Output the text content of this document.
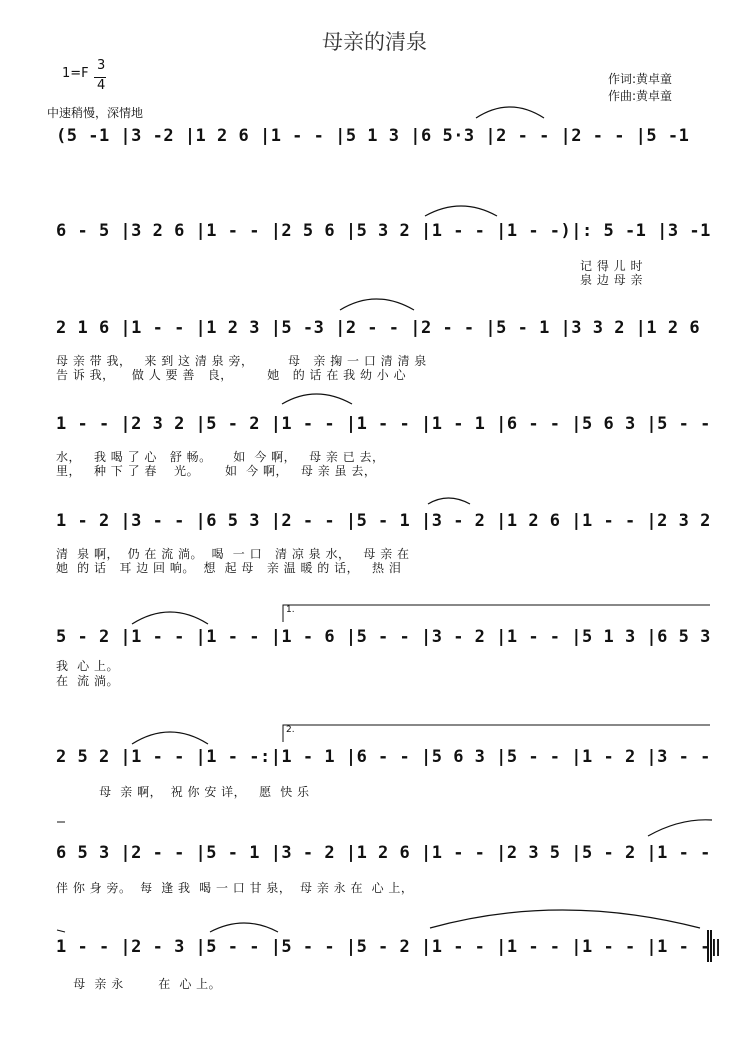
母亲的清泉
1=F
3
4
中速稍慢，深情地
作词:黄卓童
作曲:黄卓童
(5 -1 |3 -2 |1 2 6 |1 - - |5 1 3 |6 5·3 |2 - - |2 - - |5 -1
6 - 5 |3 2 6 |1 - - |2 5 6 |5 3 2 |1 - - |1 - -)|: 5 -1 |3 -1
记 得 儿 时
泉 边 母 亲
2 1 6 |1 - - |1 2 3 |5 -3 |2 - - |2 - - |5 - 1 |3 3 2 |1 2 6
母 亲 带 我，   来 到 这 清 泉 旁，        母   亲 掬 一 口 清 清 泉
告 诉 我，    做 人 要 善   良，        她   的 话 在 我 幼 小 心
1 - - |2 3 2 |5 - 2 |1 - - |1 - - |1 - 1 |6 - - |5 6 3 |5 - -
水，   我 喝 了 心   舒 畅。     如  今 啊，   母 亲 已 去，
里，   种 下 了 春    光。      如  今 啊，   母 亲 虽 去，
1 - 2 |3 - - |6 5 3 |2 - - |5 - 1 |3 - 2 |1 2 6 |1 - - |2 3 2
清  泉 啊，  仍 在 流 淌。  喝  一 口   清 凉 泉 水，   母 亲 在
她  的 话   耳 边 回 响。  想  起 母   亲 温 暖 的 话，   热 泪
1.
5 - 2 |1 - - |1 - - |1 - 6 |5 - - |3 - 2 |1 - - |5 1 3 |6 5 3
我  心 上。
在  流 淌。
2.
2 5 2 |1 - - |1 - -:|1 - 1 |6 - - |5 6 3 |5 - - |1 - 2 |3 - -
母  亲 啊，  祝 你 安 详，   愿  快 乐
6 5 3 |2 - - |5 - 1 |3 - 2 |1 2 6 |1 - - |2 3 5 |5 - 2 |1 - -
伴 你 身 旁。  每  逢 我  喝 一 口 甘 泉，  母 亲 永 在  心 上，
1 - - |2 - 3 |5 - - |5 - - |5 - 2 |1 - - |1 - - |1 - - |1 - -‖
母  亲 永        在  心 上。
